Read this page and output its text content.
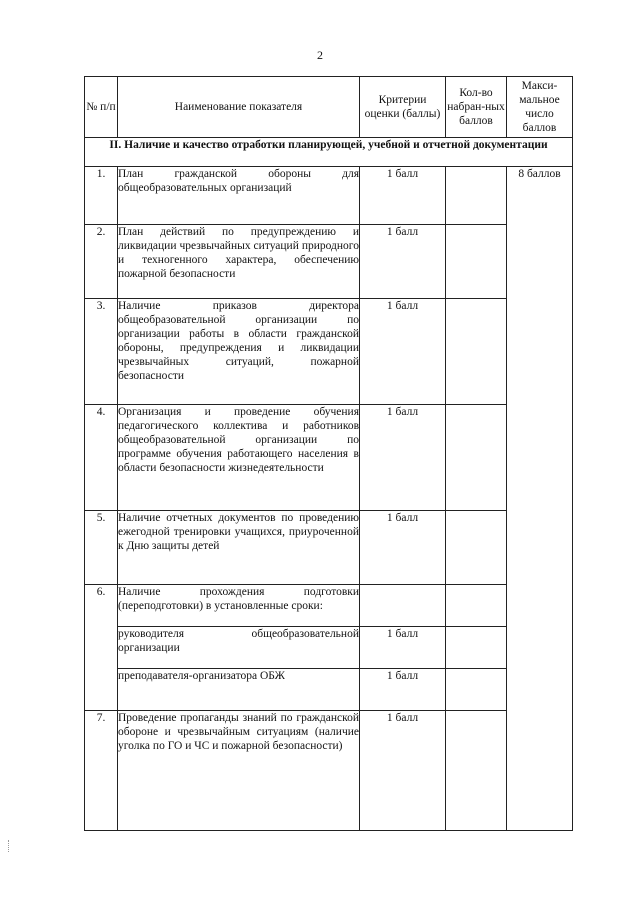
2
№ п/п	Наименование показателя	Критерии оценки (баллы)	Кол-во набран-ных баллов	Макси-мальное число баллов
II. Наличие и качество отработки планирующей, учебной и отчетной документации				
1.	План гражданской обороны для общеобразовательных организаций	1 балл		8 баллов
2.	План действий по предупреждению и ликвидации чрезвычайных ситуаций природного и техногенного характера, обеспечению пожарной безопасности	1 балл		
3.	Наличие приказов директора общеобразовательной организации по организации работы в области гражданской обороны, предупреждения и ликвидации чрезвычайных ситуаций, пожарной безопасности	1 балл		
4.	Организация и проведение обучения педагогического коллектива и работников общеобразовательной организации по программе обучения работающего населения в области безопасности жизнедеятельности	1 балл		
5.	Наличие отчетных документов по проведению ежегодной тренировки учащихся, приуроченной к Дню защиты детей	1 балл		
6.	Наличие прохождения подготовки (переподготовки) в установленные сроки:			
	руководителя общеобразовательной организации	1 балл		
	преподавателя-организатора ОБЖ	1 балл		
7.	Проведение пропаганды знаний по гражданской обороне и чрезвычайным ситуациям (наличие уголка по ГО и ЧС и пожарной безопасности)	1 балл		
